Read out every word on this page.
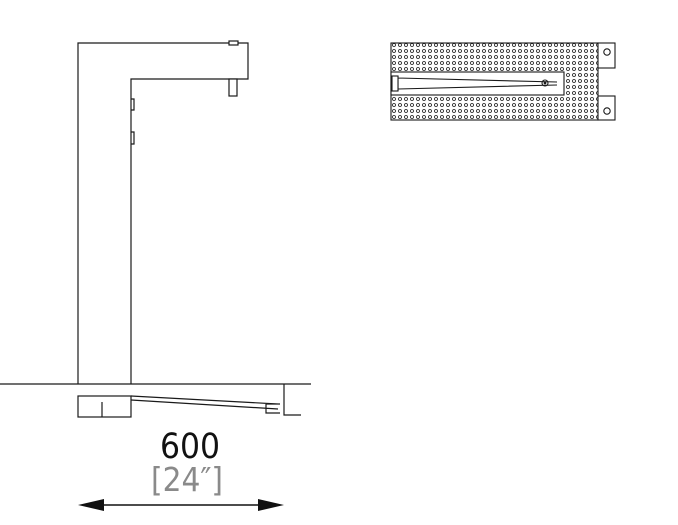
600
[24″]
